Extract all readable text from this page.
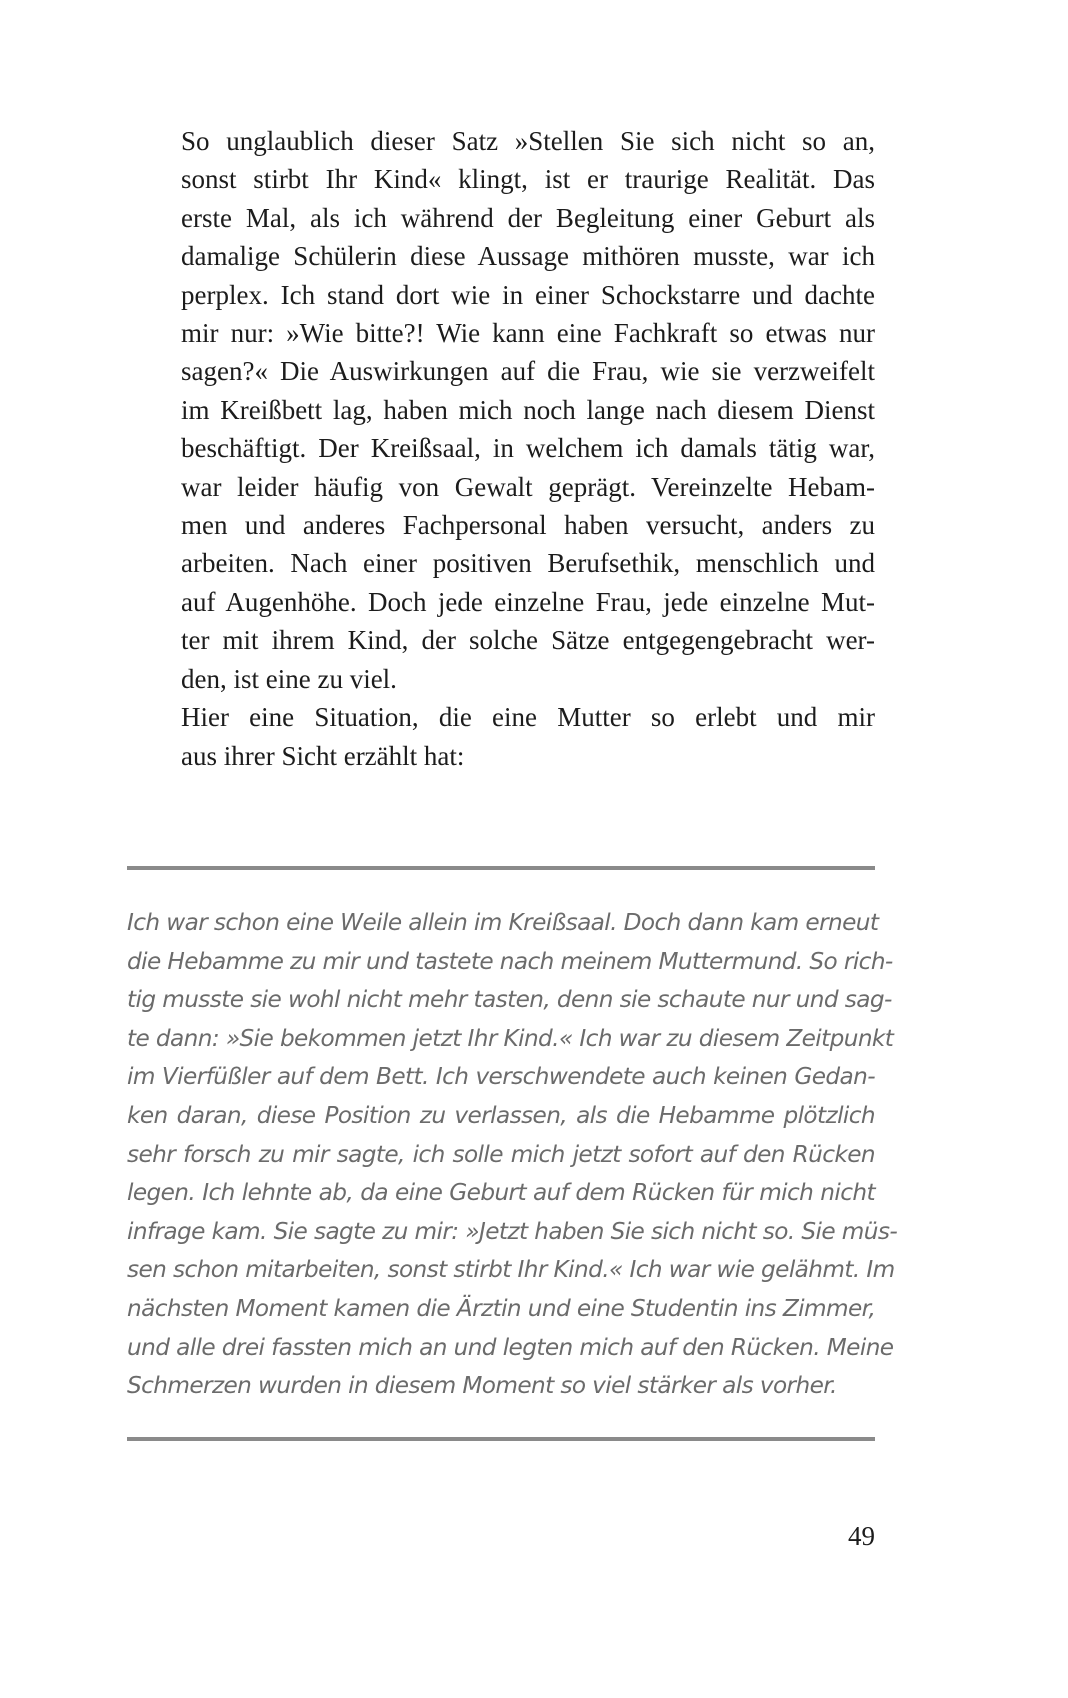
So unglaublich dieser Satz »Stellen Sie sich nicht so an,
sonst stirbt Ihr Kind« klingt, ist er traurige Realität. Das
erste Mal, als ich während der Begleitung einer Geburt als
damalige Schülerin diese Aussage mithören musste, war ich
perplex. Ich stand dort wie in einer Schockstarre und dachte
mir nur: »Wie bitte?! Wie kann eine Fachkraft so etwas nur
sagen?« Die Auswirkungen auf die Frau, wie sie verzweifelt
im Kreißbett lag, haben mich noch lange nach diesem Dienst
beschäftigt. Der Kreißsaal, in welchem ich damals tätig war,
war leider häufig von Gewalt geprägt. Vereinzelte Hebam-
men und anderes Fachpersonal haben versucht, anders zu
arbeiten. Nach einer positiven Berufsethik, menschlich und
auf Augenhöhe. Doch jede einzelne Frau, jede einzelne Mut-
ter mit ihrem Kind, der solche Sätze entgegengebracht wer-
den, ist eine zu viel.
Hier eine Situation, die eine Mutter so erlebt und mir
aus ihrer Sicht erzählt hat:
Ich war schon eine Weile allein im Kreißsaal. Doch dann kam erneut
die Hebamme zu mir und tastete nach meinem Muttermund. So rich-
tig musste sie wohl nicht mehr tasten, denn sie schaute nur und sag-
te dann: »Sie bekommen jetzt Ihr Kind.« Ich war zu diesem Zeitpunkt
im Vierfüßler auf dem Bett. Ich verschwendete auch keinen Gedan-
ken daran, diese Position zu verlassen, als die Hebamme plötzlich
sehr forsch zu mir sagte, ich solle mich jetzt sofort auf den Rücken
legen. Ich lehnte ab, da eine Geburt auf dem Rücken für mich nicht
infrage kam. Sie sagte zu mir: »Jetzt haben Sie sich nicht so. Sie müs-
sen schon mitarbeiten, sonst stirbt Ihr Kind.« Ich war wie gelähmt. Im
nächsten Moment kamen die Ärztin und eine Studentin ins Zimmer,
und alle drei fassten mich an und legten mich auf den Rücken. Meine
Schmerzen wurden in diesem Moment so viel stärker als vorher.
49
